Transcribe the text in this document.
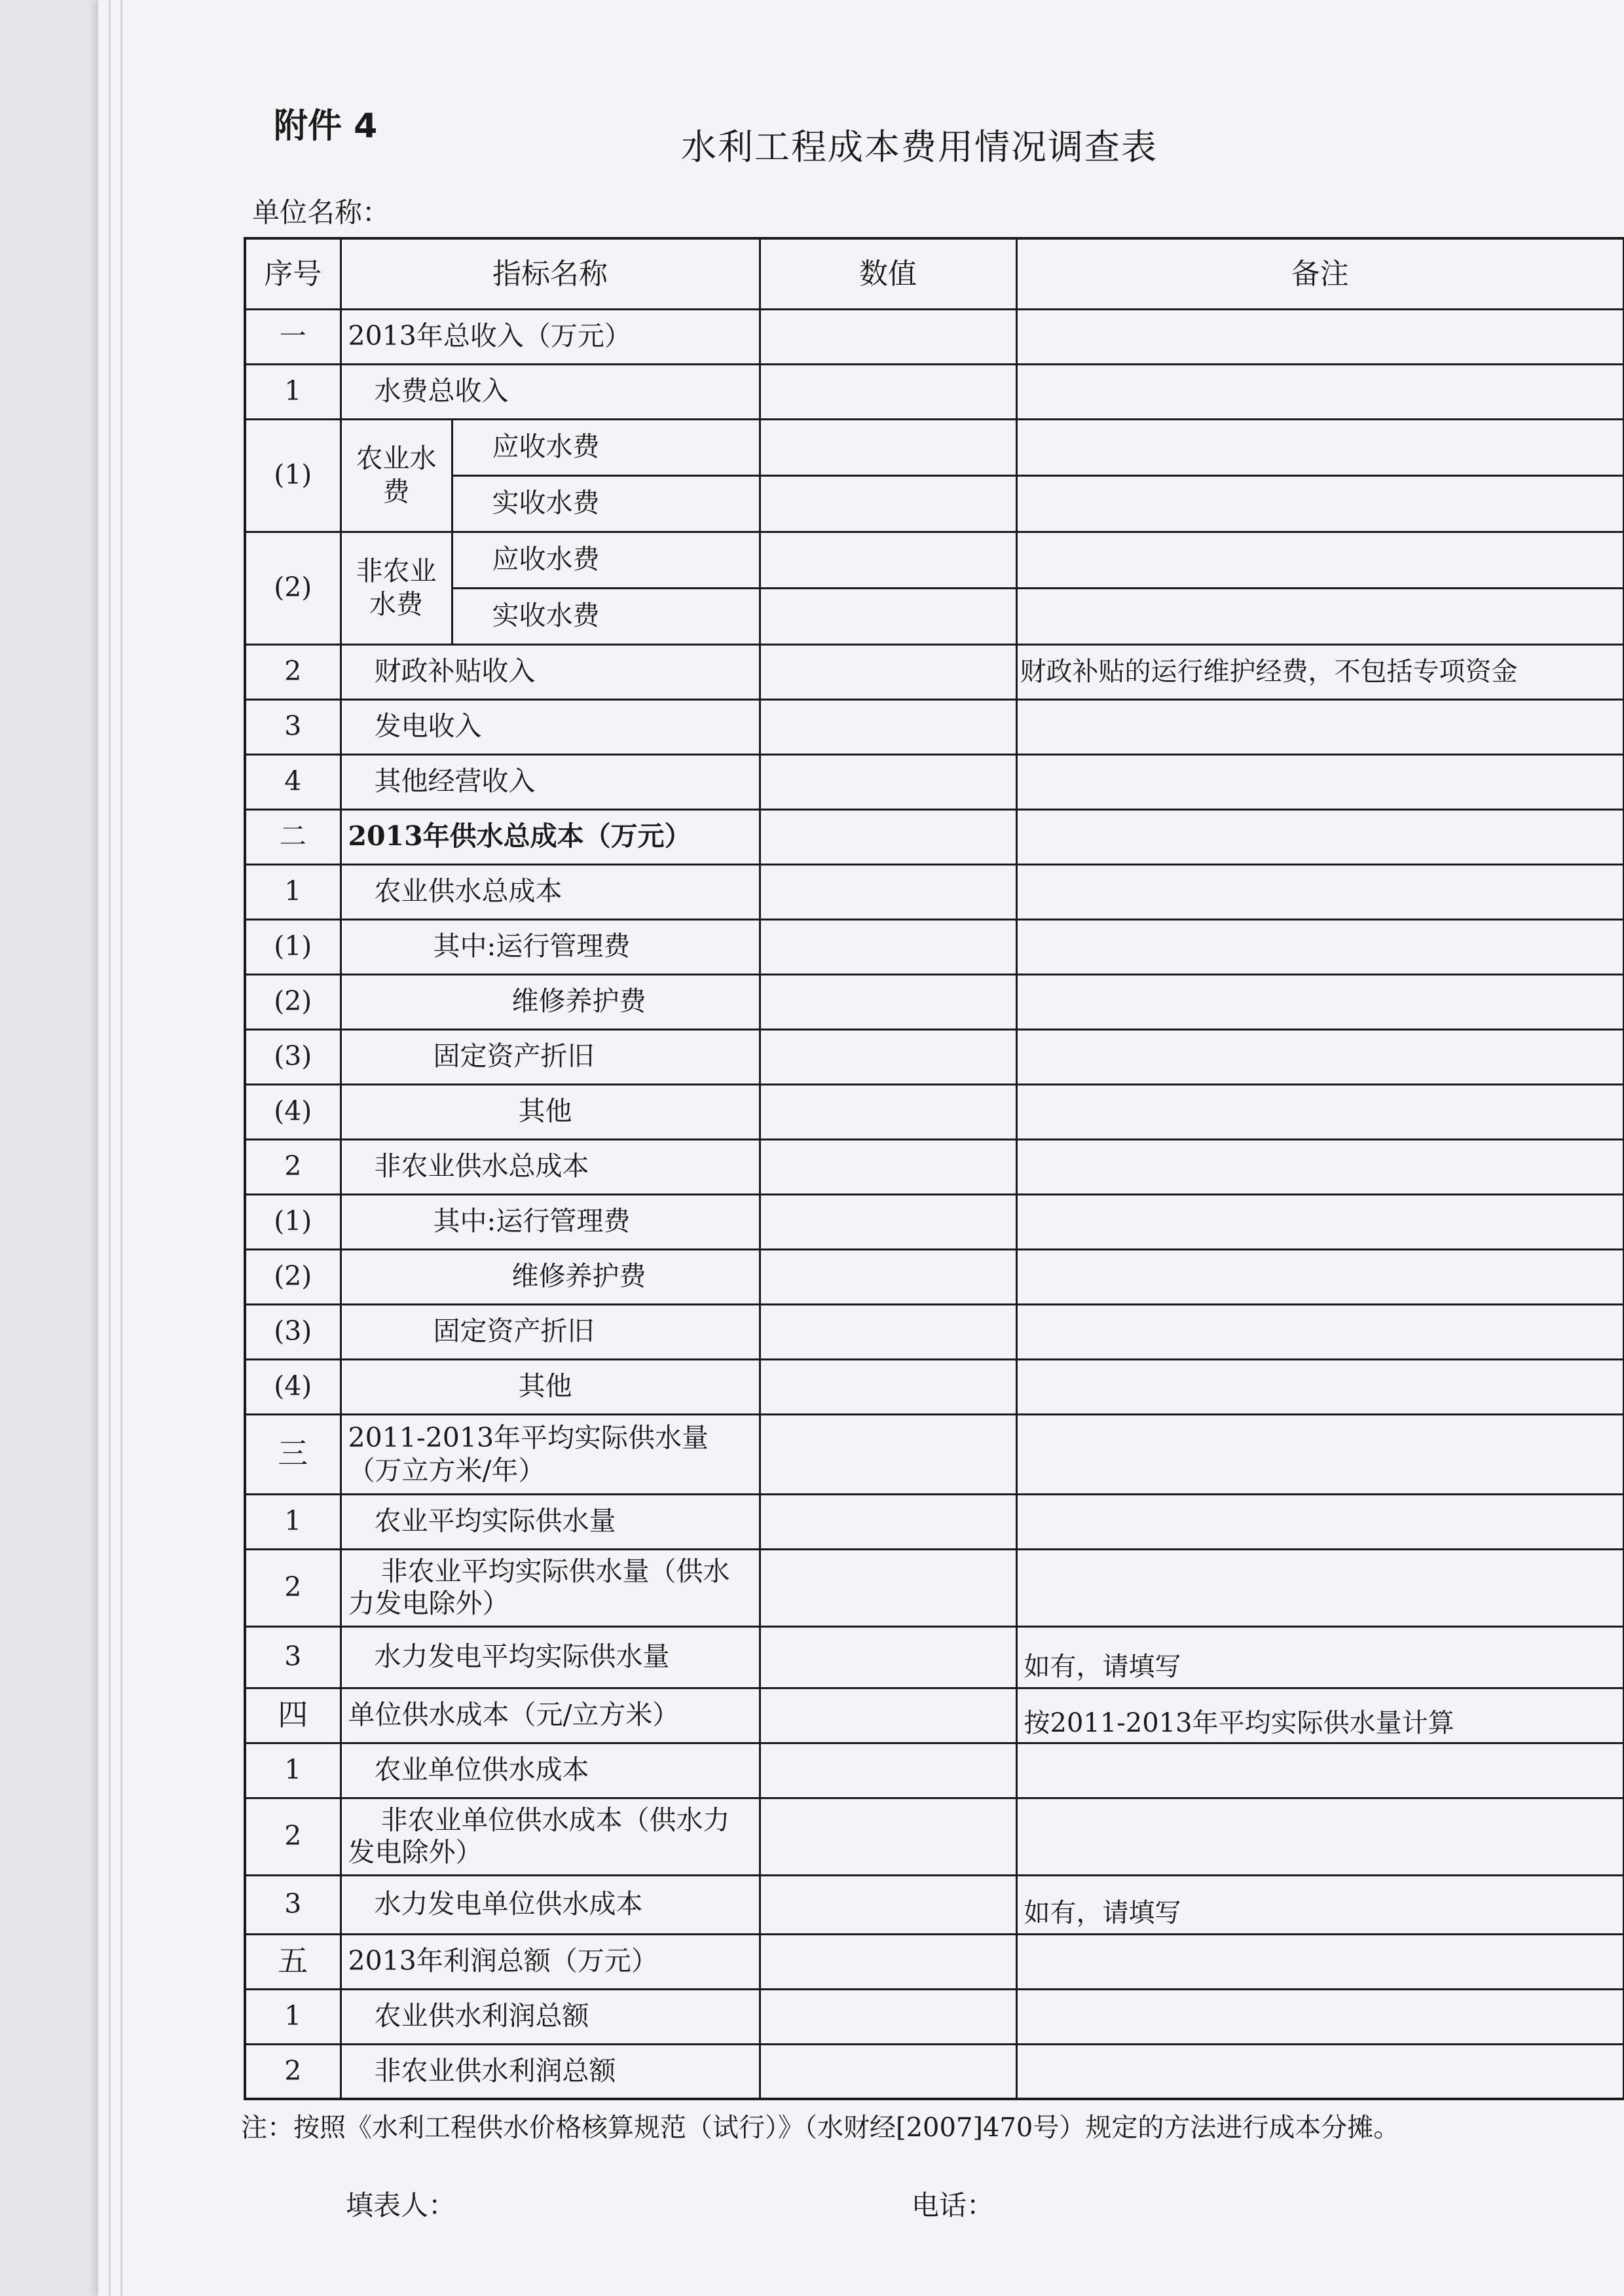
附件 4	水利工程成本费用情况调查表
单位名称：
序号	指标名称		数值	备注
一	2013年总收入（万元）			
1	水费总收入			
(1)	农业水费	应收水费		
		实收水费		
(2)	非农业水费	应收水费		
		实收水费		
2	财政补贴收入			财政补贴的运行维护经费，不包括专项资金
3	发电收入			
4	其他经营收入			
二	2013年供水总成本（万元）			
1	农业供水总成本			
(1)	其中:运行管理费			
(2)	维修养护费			
(3)	固定资产折旧			
(4)	其他			
2	非农业供水总成本			
(1)	其中:运行管理费			
(2)	维修养护费			
(3)	固定资产折旧			
(4)	其他			
三	2011-2013年平均实际供水量（万立方米/年）			
1	农业平均实际供水量			
2	非农业平均实际供水量（供水力发电除外）			
3	水力发电平均实际供水量			如有，请填写
四	单位供水成本（元/立方米）			按2011-2013年平均实际供水量计算
1	农业单位供水成本			
2	非农业单位供水成本（供水力发电除外）			
3	水力发电单位供水成本			如有，请填写
五	2013年利润总额（万元）			
1	农业供水利润总额			
2	非农业供水利润总额			
注：按照《水利工程供水价格核算规范（试行）》（水财经[2007]470号）规定的方法进行成本分摊。
填表人：	电话：
